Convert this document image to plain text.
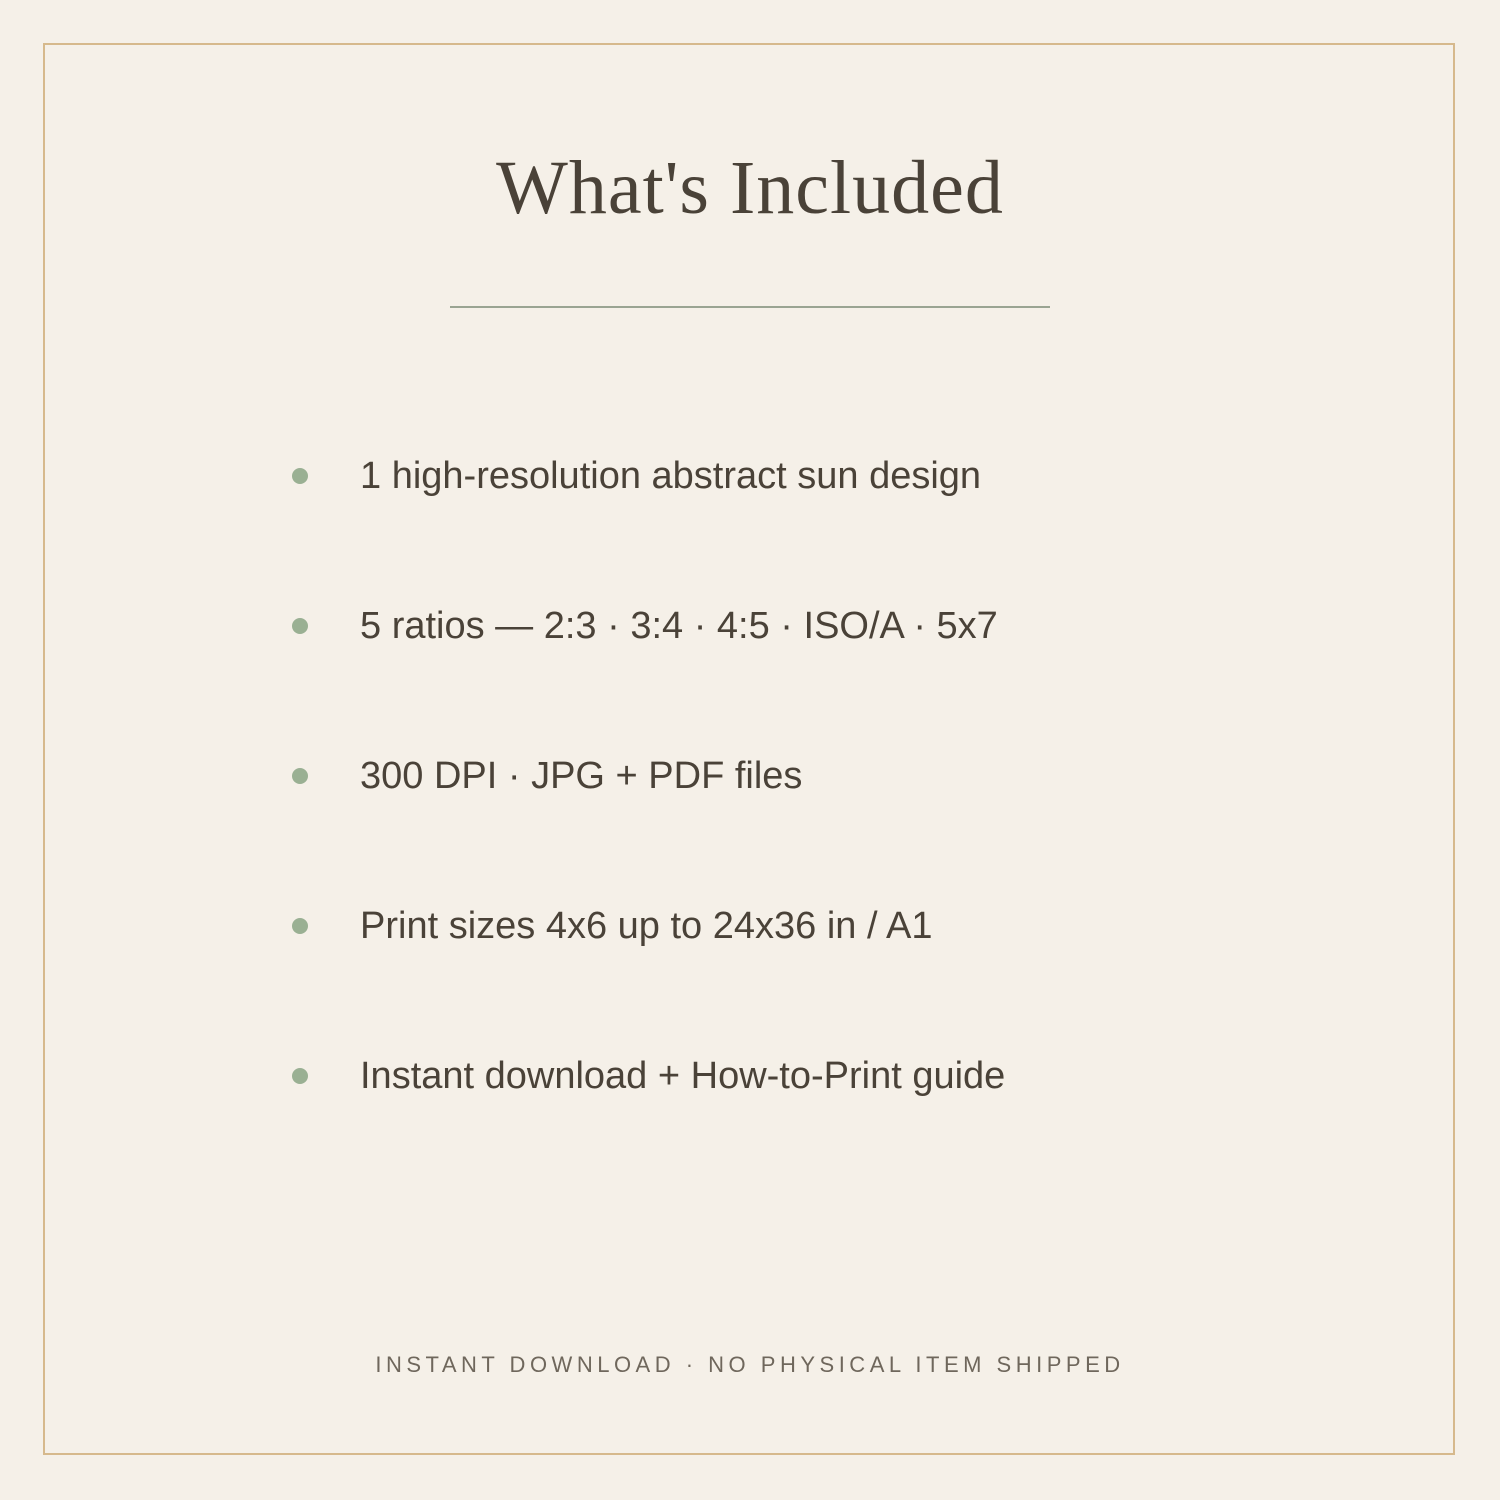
What's Included
1 high-resolution abstract sun design
5 ratios — 2:3 · 3:4 · 4:5 · ISO/A · 5x7
300 DPI · JPG + PDF files
Print sizes 4x6 up to 24x36 in / A1
Instant download + How-to-Print guide
INSTANT DOWNLOAD · NO PHYSICAL ITEM SHIPPED
